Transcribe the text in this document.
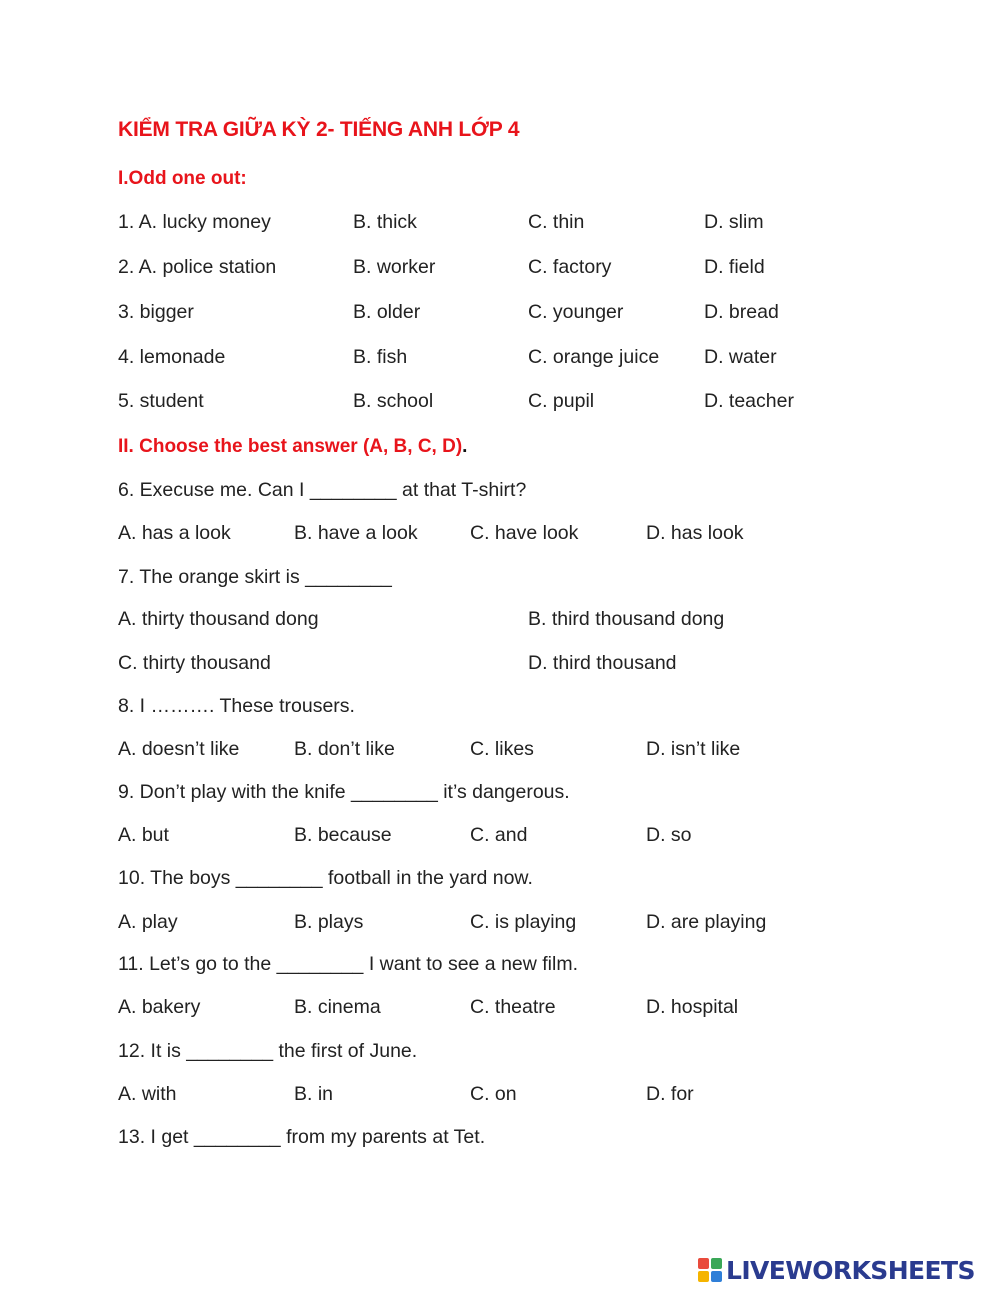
KIỂM TRA GIỮA KỲ 2- TIẾNG ANH LỚP 4
I.Odd one out:
1. A. lucky money	B. thick	C. thin	D. slim
2. A. police station	B. worker	C. factory	D. field
3. bigger	B. older	C. younger	D. bread
4. lemonade	B. fish	C. orange juice D. water
5. student	B. school	C. pupil	D. teacher
II. Choose the best answer (A, B, C, D).
6. Execuse me. Can I ________ at that T-shirt?
A. has a look	B. have a look	C. have look	D. has look
7. The orange skirt is ________
A. thirty thousand dong	B. third thousand dong
C. thirty thousand	D. third thousand
8. I ………. These trousers.
A. doesn’t like	B. don’t like	C. likes	D. isn’t like
9. Don’t play with the knife ________ it’s dangerous.
A. but	B. because	C. and	D. so
10. The boys ________ football in the yard now.
A. play	B. plays	C. is playing	D. are playing
11. Let’s go to the ________ I want to see a new film.
A. bakery	B. cinema	C. theatre	D. hospital
12. It is ________ the first of June.
A. with	B. in	C. on	D. for
13. I get ________ from my parents at Tet.
LIVEWORKSHEETS
